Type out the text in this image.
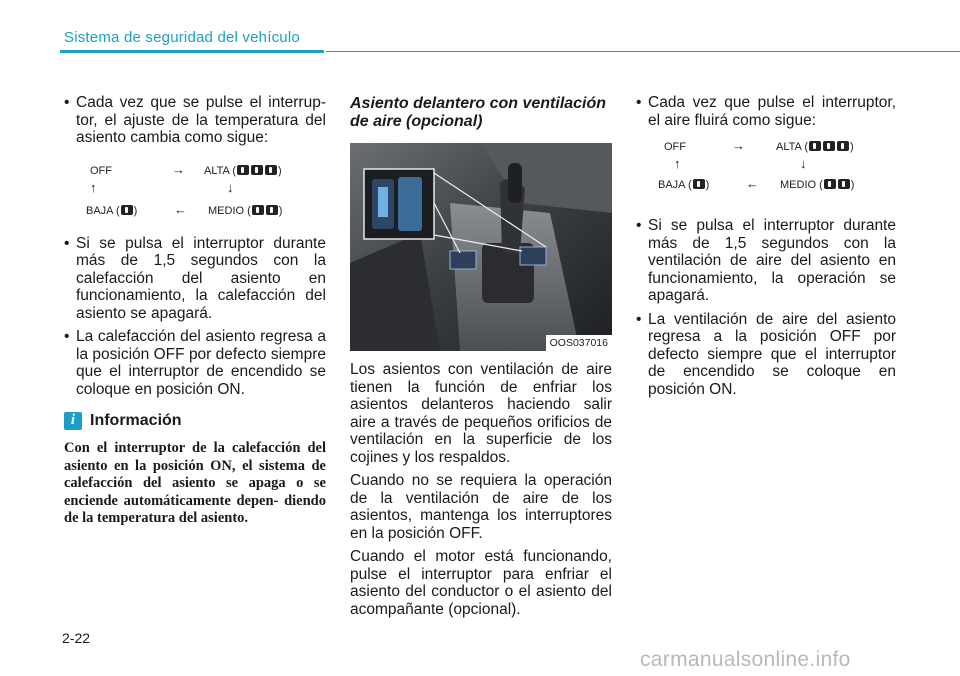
Sistema de seguridad del vehículo
• Cada vez que se pulse el interrup- tor, el ajuste de la temperatura del asiento cambia como sigue:
OFF	→ ALTA (	)
↑	↓
BAJA ( )	← MEDIO (	)
• Si se pulsa el interruptor durante más de 1,5 segundos con la calefacción del asiento en funcionamiento, la calefacción del asiento se apagará.
• La calefacción del asiento regresa a la posición OFF por defecto siempre que el interruptor de encendido se coloque en posición ON.
i Información
Con el interruptor de la calefacción del asiento en la posición ON, el sistema de calefacción del asiento se apaga o se enciende automáticamente depen- diendo de la temperatura del asiento.
Asiento delantero con ventilación de aire (opcional)
OOS037016
Los asientos con ventilación de aire tienen la función de enfriar los asientos delanteros haciendo salir aire a través de pequeños orificios de ventilación en la superficie de los cojines y los respaldos.
Cuando no se requiera la operación de la ventilación de aire de los asientos, mantenga los interruptores en la posición OFF.
Cuando el motor está funcionando, pulse el interruptor para enfriar el asiento del conductor o el asiento del acompañante (opcional).
• Cada vez que pulse el interruptor, el aire fluirá como sigue:
OFF	→	ALTA (	)
↑	↓
BAJA ( )	← MEDIO (	)
• Si se pulsa el interruptor durante más de 1,5 segundos con la ventilación de aire del asiento en funcionamiento, la operación se apagará.
• La ventilación de aire del asiento regresa a la posición OFF por defecto siempre que el interruptor de encendido se coloque en posición ON.
2-22
carmanualsonline.info
